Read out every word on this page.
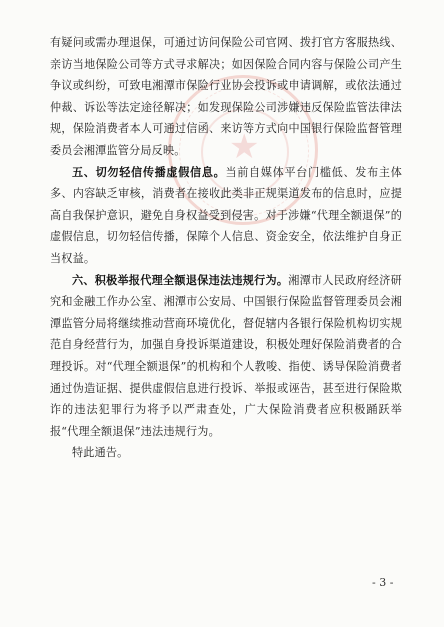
★

有疑问或需办理退保，可通过访问保险公司官网、拨打官方客服热线、亲访当地保险公司等方式寻求解决；如因保险合同内容与保险公司产生争议或纠纷，可致电湘潭市保险行业协会投诉或申请调解，或依法通过仲裁、诉讼等法定途径解决；如发现保险公司涉嫌违反保险监管法律法规，保险消费者本人可通过信函、来访等方式向中国银行保险监督管理委员会湘潭监管分局反映。

五、切勿轻信传播虚假信息。当前自媒体平台门槛低、发布主体多、内容缺乏审核，消费者在接收此类非正规渠道发布的信息时，应提高自我保护意识，避免自身权益受到侵害。对于涉嫌“代理全额退保”的虚假信息，切勿轻信传播，保障个人信息、资金安全，依法维护自身正当权益。

六、积极举报代理全额退保违法违规行为。湘潭市人民政府经济研究和金融工作办公室、湘潭市公安局、中国银行保险监督管理委员会湘潭监管分局将继续推动营商环境优化，督促辖内各银行保险机构切实规范自身经营行为，加强自身投诉渠道建设，积极处理好保险消费者的合理投诉。对“代理全额退保”的机构和个人教唆、指使、诱导保险消费者通过伪造证据、提供虚假信息进行投诉、举报或诬告，甚至进行保险欺诈的违法犯罪行为将予以严肃查处，广大保险消费者应积极踊跃举报“代理全额退保”违法违规行为。

特此通告。

- 3 -
